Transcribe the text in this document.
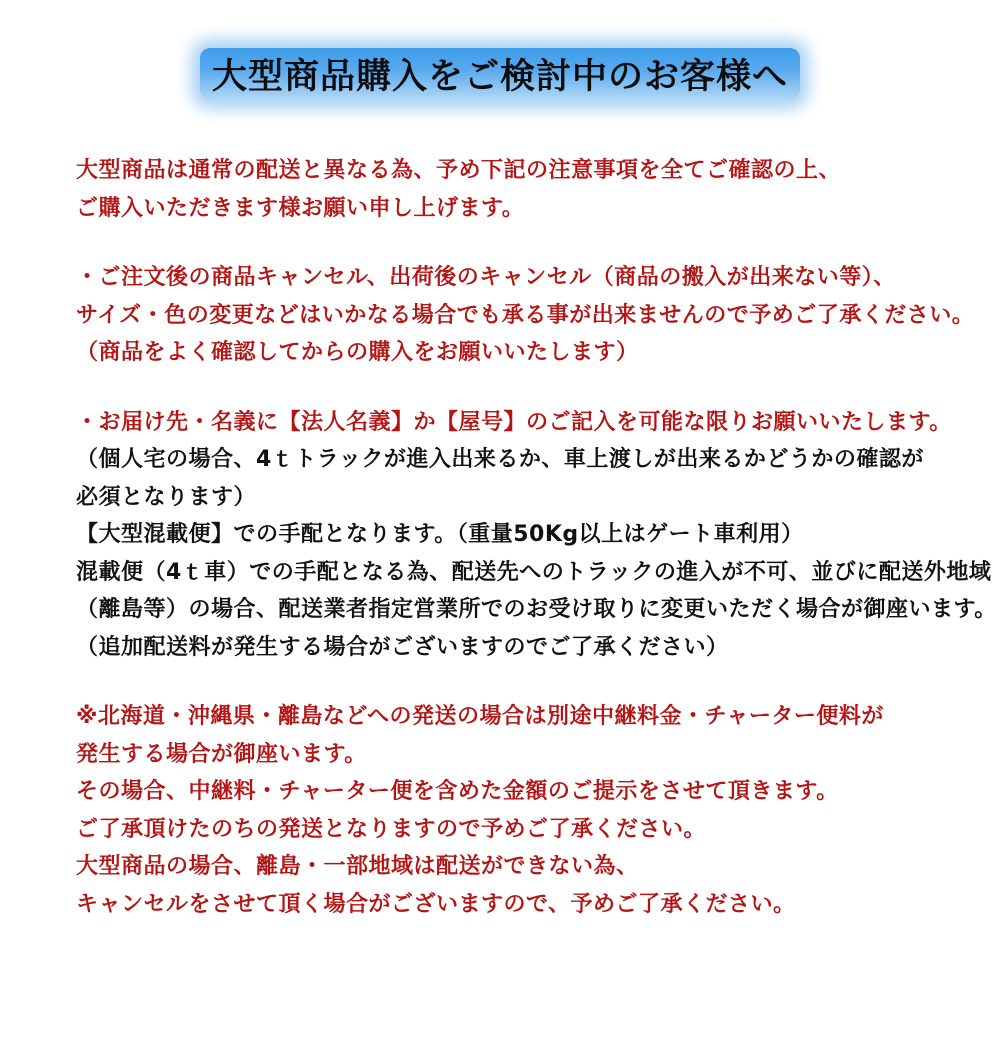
大型商品購入をご検討中のお客様へ
大型商品は通常の配送と異なる為、予め下記の注意事項を全てご確認の上、
ご購入いただきます様お願い申し上げます。
・ご注文後の商品キャンセル、出荷後のキャンセル（商品の搬入が出来ない等）、
サイズ・色の変更などはいかなる場合でも承る事が出来ませんので予めご了承ください。
（商品をよく確認してからの購入をお願いいたします）
・お届け先・名義に【法人名義】か【屋号】のご記入を可能な限りお願いいたします。
（個人宅の場合、4ｔトラックが進入出来るか、車上渡しが出来るかどうかの確認が
必須となります）
【大型混載便】での手配となります。（重量50Kg以上はゲート車利用）
混載便（4ｔ車）での手配となる為、配送先へのトラックの進入が不可、並びに配送外地域
（離島等）の場合、配送業者指定営業所でのお受け取りに変更いただく場合が御座います。
（追加配送料が発生する場合がございますのでご了承ください）
※北海道・沖縄県・離島などへの発送の場合は別途中継料金・チャーター便料が
発生する場合が御座います。
その場合、中継料・チャーター便を含めた金額のご提示をさせて頂きます。
ご了承頂けたのちの発送となりますので予めご了承ください。
大型商品の場合、離島・一部地域は配送ができない為、
キャンセルをさせて頂く場合がございますので、予めご了承ください。
